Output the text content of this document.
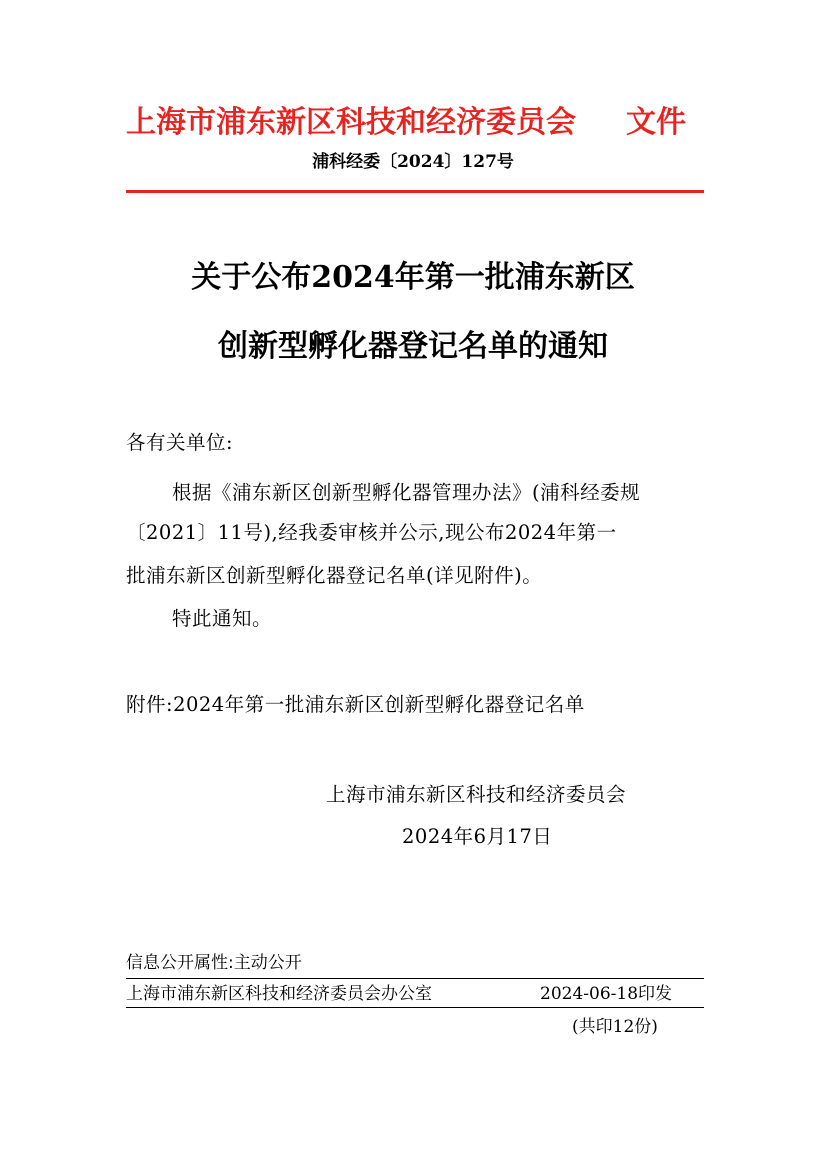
上海市浦东新区科技和经济委员会 文件
浦科经委〔2024〕127号
关于公布2024年第一批浦东新区
创新型孵化器登记名单的通知
各有关单位:
根据《浦东新区创新型孵化器管理办法》(浦科经委规
〔2021〕11号),经我委审核并公示,现公布2024年第一
批浦东新区创新型孵化器登记名单(详见附件)。
特此通知。
附件:2024年第一批浦东新区创新型孵化器登记名单
上海市浦东新区科技和经济委员会
2024年6月17日
信息公开属性:主动公开
上海市浦东新区科技和经济委员会办公室	2024-06-18印发
(共印12份)
